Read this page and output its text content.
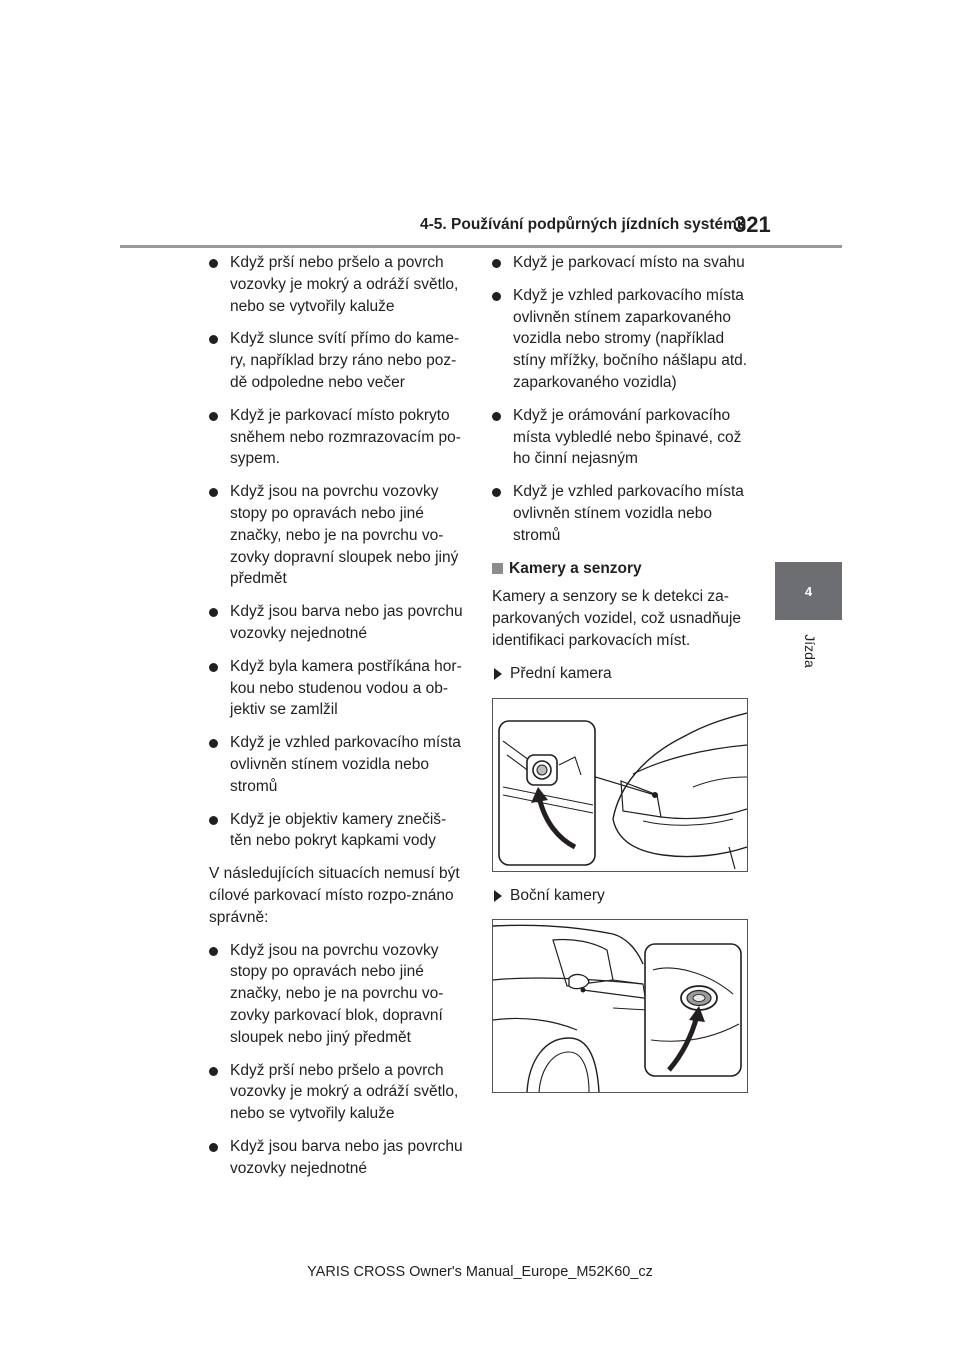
4-5. Používání podpůrných jízdních systémů
321
4
Jízda
Když prší nebo pršelo a povrch vozovky je mokrý a odráží světlo, nebo se vytvořily kaluže
Když slunce svítí přímo do kame-ry, například brzy ráno nebo poz-dě odpoledne nebo večer
Když je parkovací místo pokryto sněhem nebo rozmrazovacím po-sypem.
Když jsou na povrchu vozovky stopy po opravách nebo jiné značky, nebo je na povrchu vo-zovky dopravní sloupek nebo jiný předmět
Když jsou barva nebo jas povrchu vozovky nejednotné
Když byla kamera postříkána hor-kou nebo studenou vodou a ob-jektiv se zamlžil
Když je vzhled parkovacího místa ovlivněn stínem vozidla nebo stromů
Když je objektiv kamery znečiš-těn nebo pokryt kapkami vody

V následujících situacích nemusí být cílové parkovací místo rozpo-znáno správně:

Když jsou na povrchu vozovky stopy po opravách nebo jiné značky, nebo je na povrchu vo-zovky parkovací blok, dopravní sloupek nebo jiný předmět
Když prší nebo pršelo a povrch vozovky je mokrý a odráží světlo, nebo se vytvořily kaluže
Když jsou barva nebo jas povrchu vozovky nejednotné
Když je parkovací místo na svahu
Když je vzhled parkovacího místa ovlivněn stínem zaparkovaného vozidla nebo stromy (například stíny mřížky, bočního nášlapu atd. zaparkovaného vozidla)
Když je orámování parkovacího místa vybledlé nebo špinavé, což ho činní nejasným
Když je vzhled parkovacího místa ovlivněn stínem vozidla nebo stromů
Kamery a senzory

Kamery a senzory se k detekci za-parkovaných vozidel, což usnadňuje identifikaci parkovacích míst.

Přední kamera
Boční kamery
YARIS CROSS Owner's Manual_Europe_M52K60_cz
